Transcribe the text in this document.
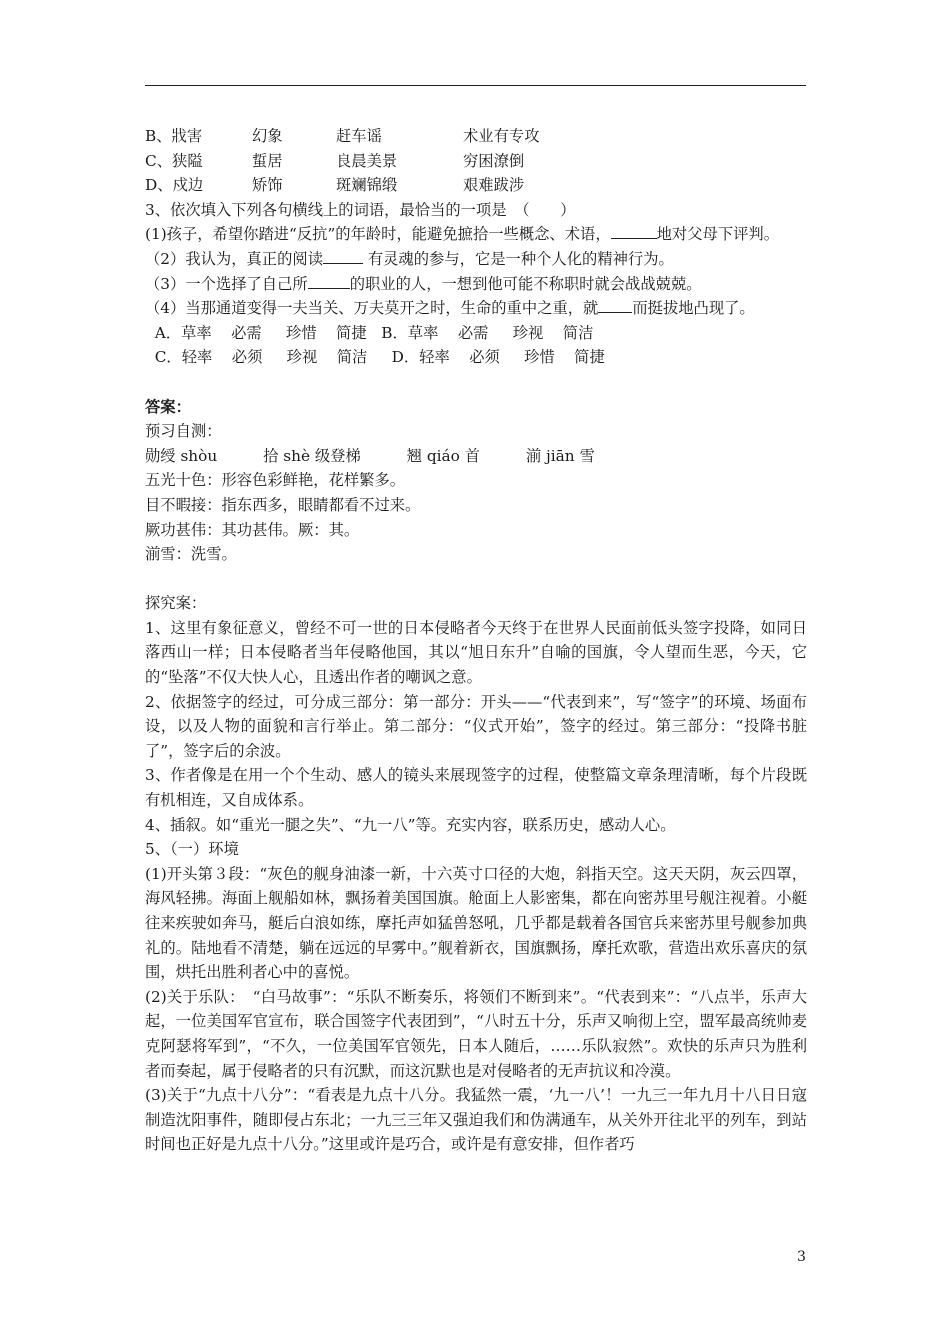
B、戕害	幻象	赶车谣	术业有专攻
C、狭隘	蜇居	良晨美景	穷困潦倒
D、戍边	矫饰	斑斓锦缎	艰难跋涉
3、依次填入下列各句横线上的词语，最恰当的一项是　（　　）
(1)孩子，希望你踏进“反抗”的年龄时，能避免摭拾一些概念、术语，	地对父母下评判。
（2）我认为，真正的阅读	有灵魂的参与，它是一种个人化的精神行为。
（3）一个选择了自己所	的职业的人，一想到他可能不称职时就会战战兢兢。
（4）当那通道变得一夫当关、万夫莫开之时，生命的重中之重，就 而挺拔地凸现了。
A．草率    必需     珍惜    简捷   B．草率    必需     珍视    简洁
C．轻率    必须     珍视    简洁     D．轻率    必须     珍惜    简捷
答案：
预习自测：
勋绶 shòu　　　拾 shè 级登梯　　　翘 qiáo 首　　　湔 jiān 雪
五光十色：形容色彩鲜艳，花样繁多。
目不暇接：指东西多，眼睛都看不过来。
厥功甚伟：其功甚伟。厥：其。
湔雪：洗雪。
探究案：
1、这里有象征意义，曾经不可一世的日本侵略者今天终于在世界人民面前低头签字投降，如同日落西山一样；日本侵略者当年侵略他国，其以“旭日东升”自喻的国旗，令人望而生恶，今天，它的“坠落”不仅大快人心，且透出作者的嘲讽之意。
2、依据签字的经过，可分成三部分：第一部分：开头——“代表到来”，写“签字”的环境、场面布设，以及人物的面貌和言行举止。第二部分：“仪式开始”，签字的经过。第三部分：“投降书脏了”，签字后的余波。
3、作者像是在用一个个生动、感人的镜头来展现签字的过程，使整篇文章条理清晰，每个片段既有机相连，又自成体系。
4、插叙。如“重光一腿之失”、“九一八”等。充实内容，联系历史，感动人心。
5、（一）环境
(1)开头第３段：“灰色的舰身油漆一新，十六英寸口径的大炮，斜指天空。这天天阴，灰云四罩，海风轻拂。海面上舰船如林，飘扬着美国国旗。舱面上人影密集，都在向密苏里号舰注视着。小艇往来疾驶如奔马，艇后白浪如练，摩托声如猛兽怒吼，几乎都是载着各国官兵来密苏里号舰参加典礼的。陆地看不清楚，躺在远远的早雾中。”舰着新衣，国旗飘扬，摩托欢歌，营造出欢乐喜庆的氛围，烘托出胜利者心中的喜悦。
(2)关于乐队：　“白马故事”：“乐队不断奏乐，将领们不断到来”。“代表到来”：“八点半，乐声大起，一位美国军官宣布，联合国签字代表团到”，“八时五十分，乐声又响彻上空，盟军最高统帅麦克阿瑟将军到”，“不久，一位美国军官领先，日本人随后，……乐队寂然”。欢快的乐声只为胜利者而奏起，属于侵略者的只有沉默，而这沉默也是对侵略者的无声抗议和冷漠。
(3)关于“九点十八分”：“看表是九点十八分。我猛然一震，‘九一八’！一九三一年九月十八日日寇制造沈阳事件，随即侵占东北；一九三三年又强迫我们和伪满通车，从关外开往北平的列车，到站时间也正好是九点十八分。”这里或许是巧合，或许是有意安排，但作者巧
3
